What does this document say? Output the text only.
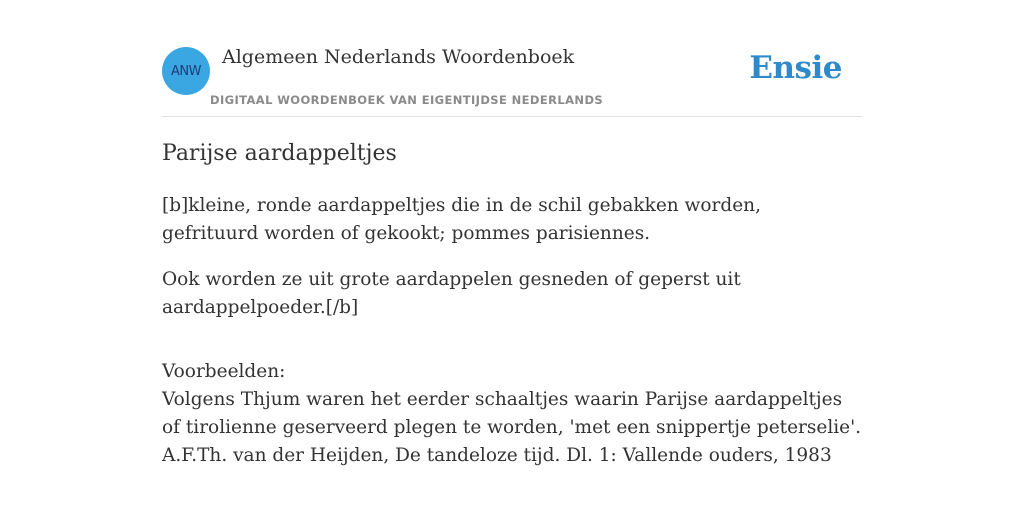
ANW
Algemeen Nederlands Woordenboek
DIGITAAL WOORDENBOEK VAN EIGENTIJDSE NEDERLANDS
Ensie
Parijse aardappeltjes

[b]kleine, ronde aardappeltjes die in de schil gebakken worden, gefrituurd worden of gekookt; pommes parisiennes.

Ook worden ze uit grote aardappelen gesneden of geperst uit aardappelpoeder.[/b]

Voorbeelden:
Volgens Thjum waren het eerder schaaltjes waarin Parijse aardappeltjes of tirolienne geserveerd plegen te worden, 'met een snippertje peterselie'.
A.F.Th. van der Heijden, De tandeloze tijd. Dl. 1: Vallende ouders, 1983
